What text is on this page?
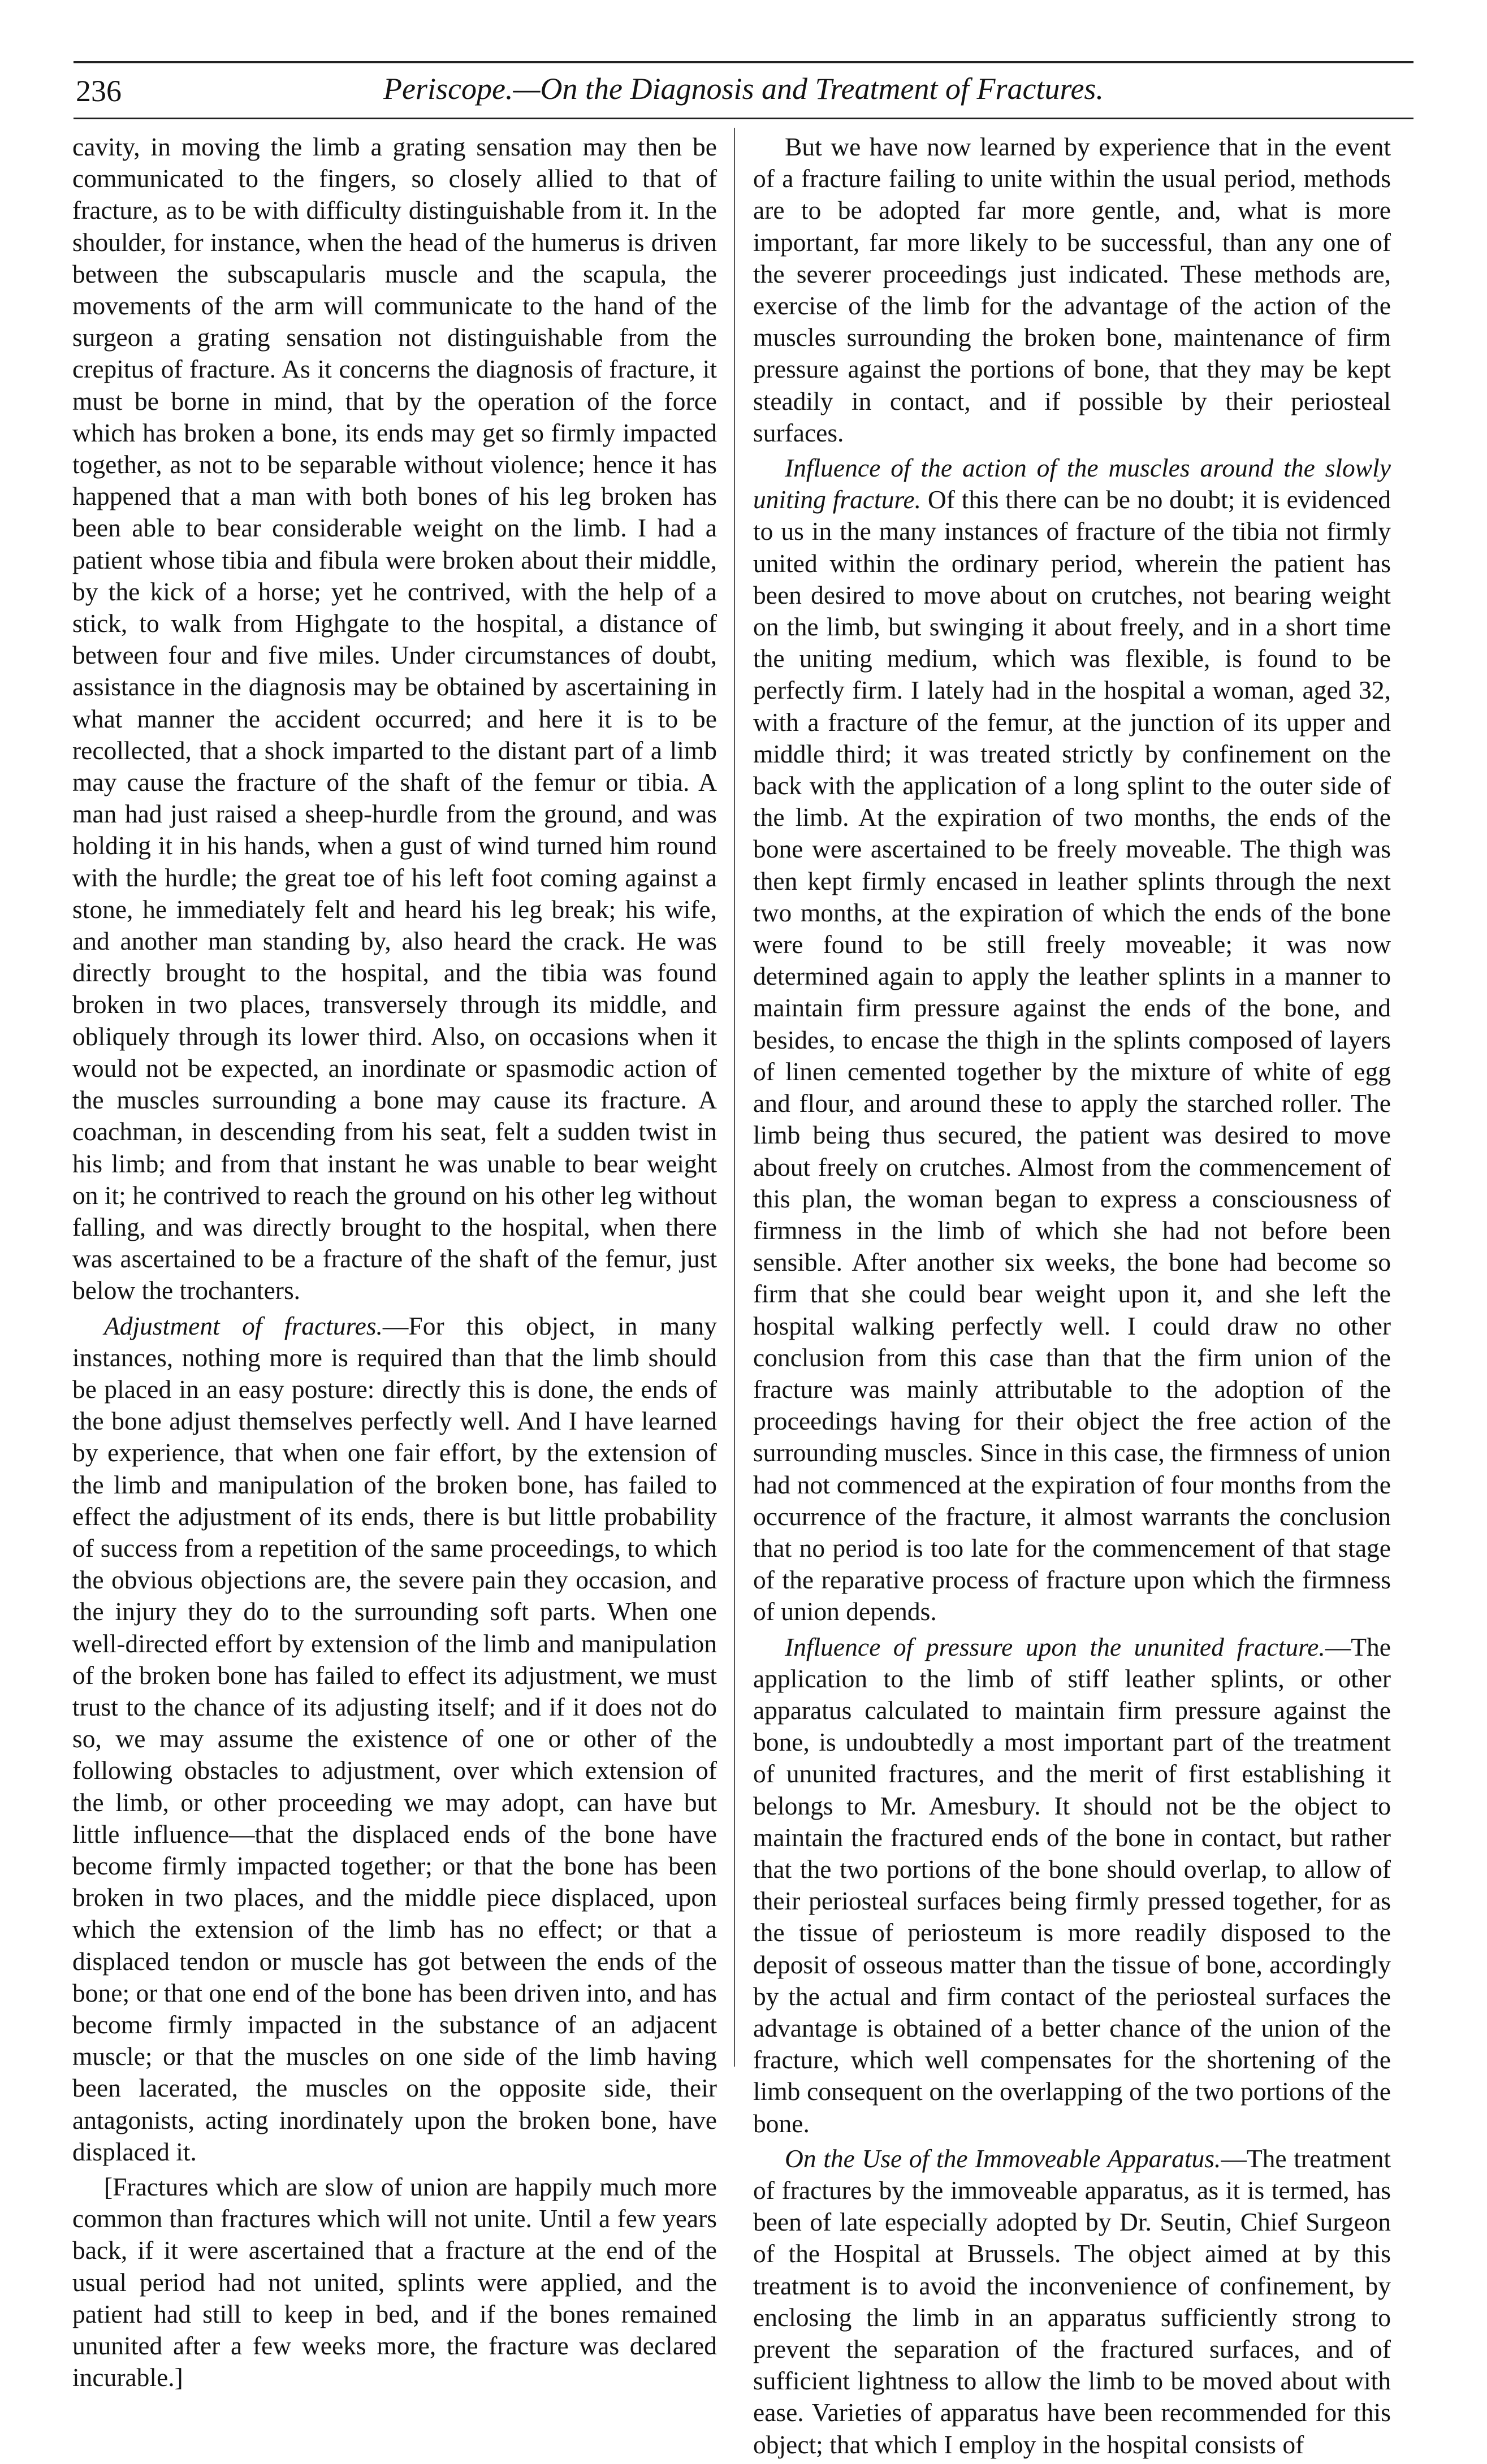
236	Periscope.—On the Diagnosis and Treatment of Fractures.

cavity, in moving the limb a grating sensation may then be communicated to the fingers, so closely allied to that of fracture, as to be with difficulty distinguishable from it. In the shoulder, for instance, when the head of the humerus is driven between the subscapularis muscle and the scapula, the movements of the arm will communicate to the hand of the surgeon a grating sensation not distinguishable from the crepitus of fracture. As it concerns the diagnosis of fracture, it must be borne in mind, that by the operation of the force which has broken a bone, its ends may get so firmly impacted together, as not to be separable without violence; hence it has happened that a man with both bones of his leg broken has been able to bear considerable weight on the limb. I had a patient whose tibia and fibula were broken about their middle, by the kick of a horse; yet he contrived, with the help of a stick, to walk from Highgate to the hospital, a distance of between four and five miles. Under circumstances of doubt, assistance in the diagnosis may be obtained by ascertaining in what manner the accident occurred; and here it is to be recollected, that a shock imparted to the distant part of a limb may cause the fracture of the shaft of the femur or tibia. A man had just raised a sheep-hurdle from the ground, and was holding it in his hands, when a gust of wind turned him round with the hurdle; the great toe of his left foot coming against a stone, he immediately felt and heard his leg break; his wife, and another man standing by, also heard the crack. He was directly brought to the hospital, and the tibia was found broken in two places, transversely through its middle, and obliquely through its lower third. Also, on occasions when it would not be expected, an inordinate or spasmodic action of the muscles surrounding a bone may cause its fracture. A coachman, in descending from his seat, felt a sudden twist in his limb; and from that instant he was unable to bear weight on it; he contrived to reach the ground on his other leg without falling, and was directly brought to the hospital, when there was ascertained to be a fracture of the shaft of the femur, just below the trochanters.

Adjustment of fractures.—For this object, in many instances, nothing more is required than that the limb should be placed in an easy posture: directly this is done, the ends of the bone adjust themselves perfectly well. And I have learned by experience, that when one fair effort, by the extension of the limb and manipulation of the broken bone, has failed to effect the adjustment of its ends, there is but little probability of success from a repetition of the same proceedings, to which the obvious objections are, the severe pain they occasion, and the injury they do to the surrounding soft parts. When one well-directed effort by extension of the limb and manipulation of the broken bone has failed to effect its adjustment, we must trust to the chance of its adjusting itself; and if it does not do so, we may assume the existence of one or other of the following obstacles to adjustment, over which extension of the limb, or other proceeding we may adopt, can have but little influence—that the displaced ends of the bone have become firmly impacted together; or that the bone has been broken in two places, and the middle piece displaced, upon which the extension of the limb has no effect; or that a displaced tendon or muscle has got between the ends of the bone; or that one end of the bone has been driven into, and has become firmly impacted in the substance of an adjacent muscle; or that the muscles on one side of the limb having been lacerated, the muscles on the opposite side, their antagonists, acting inordinately upon the broken bone, have displaced it.

[Fractures which are slow of union are happily much more common than fractures which will not unite. Until a few years back, if it were ascertained that a fracture at the end of the usual period had not united, splints were applied, and the patient had still to keep in bed, and if the bones remained ununited after a few weeks more, the fracture was declared incurable.]

But we have now learned by experience that in the event of a fracture failing to unite within the usual period, methods are to be adopted far more gentle, and, what is more important, far more likely to be successful, than any one of the severer proceedings just indicated. These methods are, exercise of the limb for the advantage of the action of the muscles surrounding the broken bone, maintenance of firm pressure against the portions of bone, that they may be kept steadily in contact, and if possible by their periosteal surfaces.

Influence of the action of the muscles around the slowly uniting fracture. Of this there can be no doubt; it is evidenced to us in the many instances of fracture of the tibia not firmly united within the ordinary period, wherein the patient has been desired to move about on crutches, not bearing weight on the limb, but swinging it about freely, and in a short time the uniting medium, which was flexible, is found to be perfectly firm. I lately had in the hospital a woman, aged 32, with a fracture of the femur, at the junction of its upper and middle third; it was treated strictly by confinement on the back with the application of a long splint to the outer side of the limb. At the expiration of two months, the ends of the bone were ascertained to be freely moveable. The thigh was then kept firmly encased in leather splints through the next two months, at the expiration of which the ends of the bone were found to be still freely moveable; it was now determined again to apply the leather splints in a manner to maintain firm pressure against the ends of the bone, and besides, to encase the thigh in the splints composed of layers of linen cemented together by the mixture of white of egg and flour, and around these to apply the starched roller. The limb being thus secured, the patient was desired to move about freely on crutches. Almost from the commencement of this plan, the woman began to express a consciousness of firmness in the limb of which she had not before been sensible. After another six weeks, the bone had become so firm that she could bear weight upon it, and she left the hospital walking perfectly well. I could draw no other conclusion from this case than that the firm union of the fracture was mainly attributable to the adoption of the proceedings having for their object the free action of the surrounding muscles. Since in this case, the firmness of union had not commenced at the expiration of four months from the occurrence of the fracture, it almost warrants the conclusion that no period is too late for the commencement of that stage of the reparative process of fracture upon which the firmness of union depends.

Influence of pressure upon the ununited fracture.—The application to the limb of stiff leather splints, or other apparatus calculated to maintain firm pressure against the bone, is undoubtedly a most important part of the treatment of ununited fractures, and the merit of first establishing it belongs to Mr. Amesbury. It should not be the object to maintain the fractured ends of the bone in contact, but rather that the two portions of the bone should overlap, to allow of their periosteal surfaces being firmly pressed together, for as the tissue of periosteum is more readily disposed to the deposit of osseous matter than the tissue of bone, accordingly by the actual and firm contact of the periosteal surfaces the advantage is obtained of a better chance of the union of the fracture, which well compensates for the shortening of the limb consequent on the overlapping of the two portions of the bone.

On the Use of the Immoveable Apparatus.—The treatment of fractures by the immoveable apparatus, as it is termed, has been of late especially adopted by Dr. Seutin, Chief Surgeon of the Hospital at Brussels. The object aimed at by this treatment is to avoid the inconvenience of confinement, by enclosing the limb in an apparatus sufficiently strong to prevent the separation of the fractured surfaces, and of sufficient lightness to allow the limb to be moved about with ease. Varieties of apparatus have been recommended for this object; that which I employ in the hospital consists of
